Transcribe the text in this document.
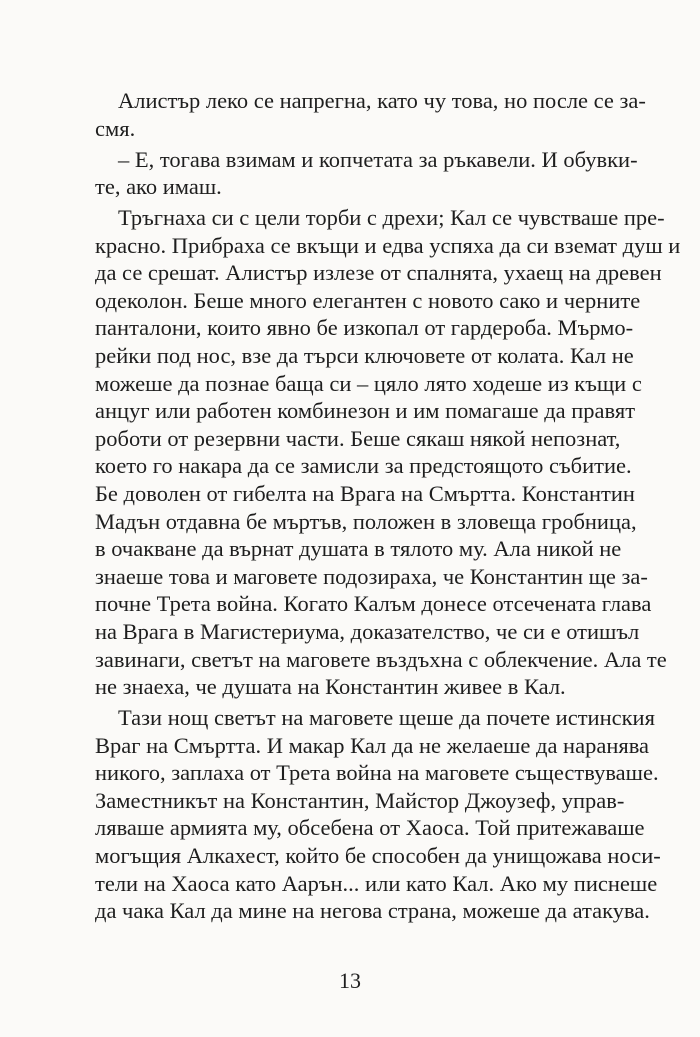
Алистър леко се напрегна, като чу това, но после се за-
смя.
– Е, тогава взимам и копчетата за ръкавели. И обувки-
те, ако имаш.
Тръгнаха си с цели торби с дрехи; Кал се чувстваше пре-
красно. Прибраха се вкъщи и едва успяха да си вземат душ и
да се срешат. Алистър излезе от спалнята, ухаещ на древен
одеколон. Беше много елегантен с новото сако и черните
панталони, които явно бе изкопал от гардероба. Мърмо-
рейки под нос, взе да търси ключовете от колата. Кал не
можеше да познае баща си – цяло лято ходеше из къщи с
анцуг или работен комбинезон и им помагаше да правят
роботи от резервни части. Беше сякаш някой непознат,
което го накара да се замисли за предстоящото събитие.
Бе доволен от гибелта на Врага на Смъртта. Константин
Мадън отдавна бе мъртъв, положен в зловеща гробница,
в очакване да върнат душата в тялото му. Ала никой не
знаеше това и маговете подозираха, че Константин ще за-
почне Трета война. Когато Калъм донесе отсечената глава
на Врага в Магистериума, доказателство, че си е отишъл
завинаги, светът на маговете въздъхна с облекчение. Ала те
не знаеха, че душата на Константин живее в Кал.
Тази нощ светът на маговете щеше да почете истинския
Враг на Смъртта. И макар Кал да не желаеше да наранява
никого, заплаха от Трета война на маговете съществуваше.
Заместникът на Константин, Майстор Джоузеф, управ-
ляваше армията му, обсебена от Хаоса. Той притежаваше
могъщия Алкахест, който бе способен да унищожава носи-
тели на Хаоса като Аарън... или като Кал. Ако му писнеше
да чака Кал да мине на негова страна, можеше да атакува.
13
